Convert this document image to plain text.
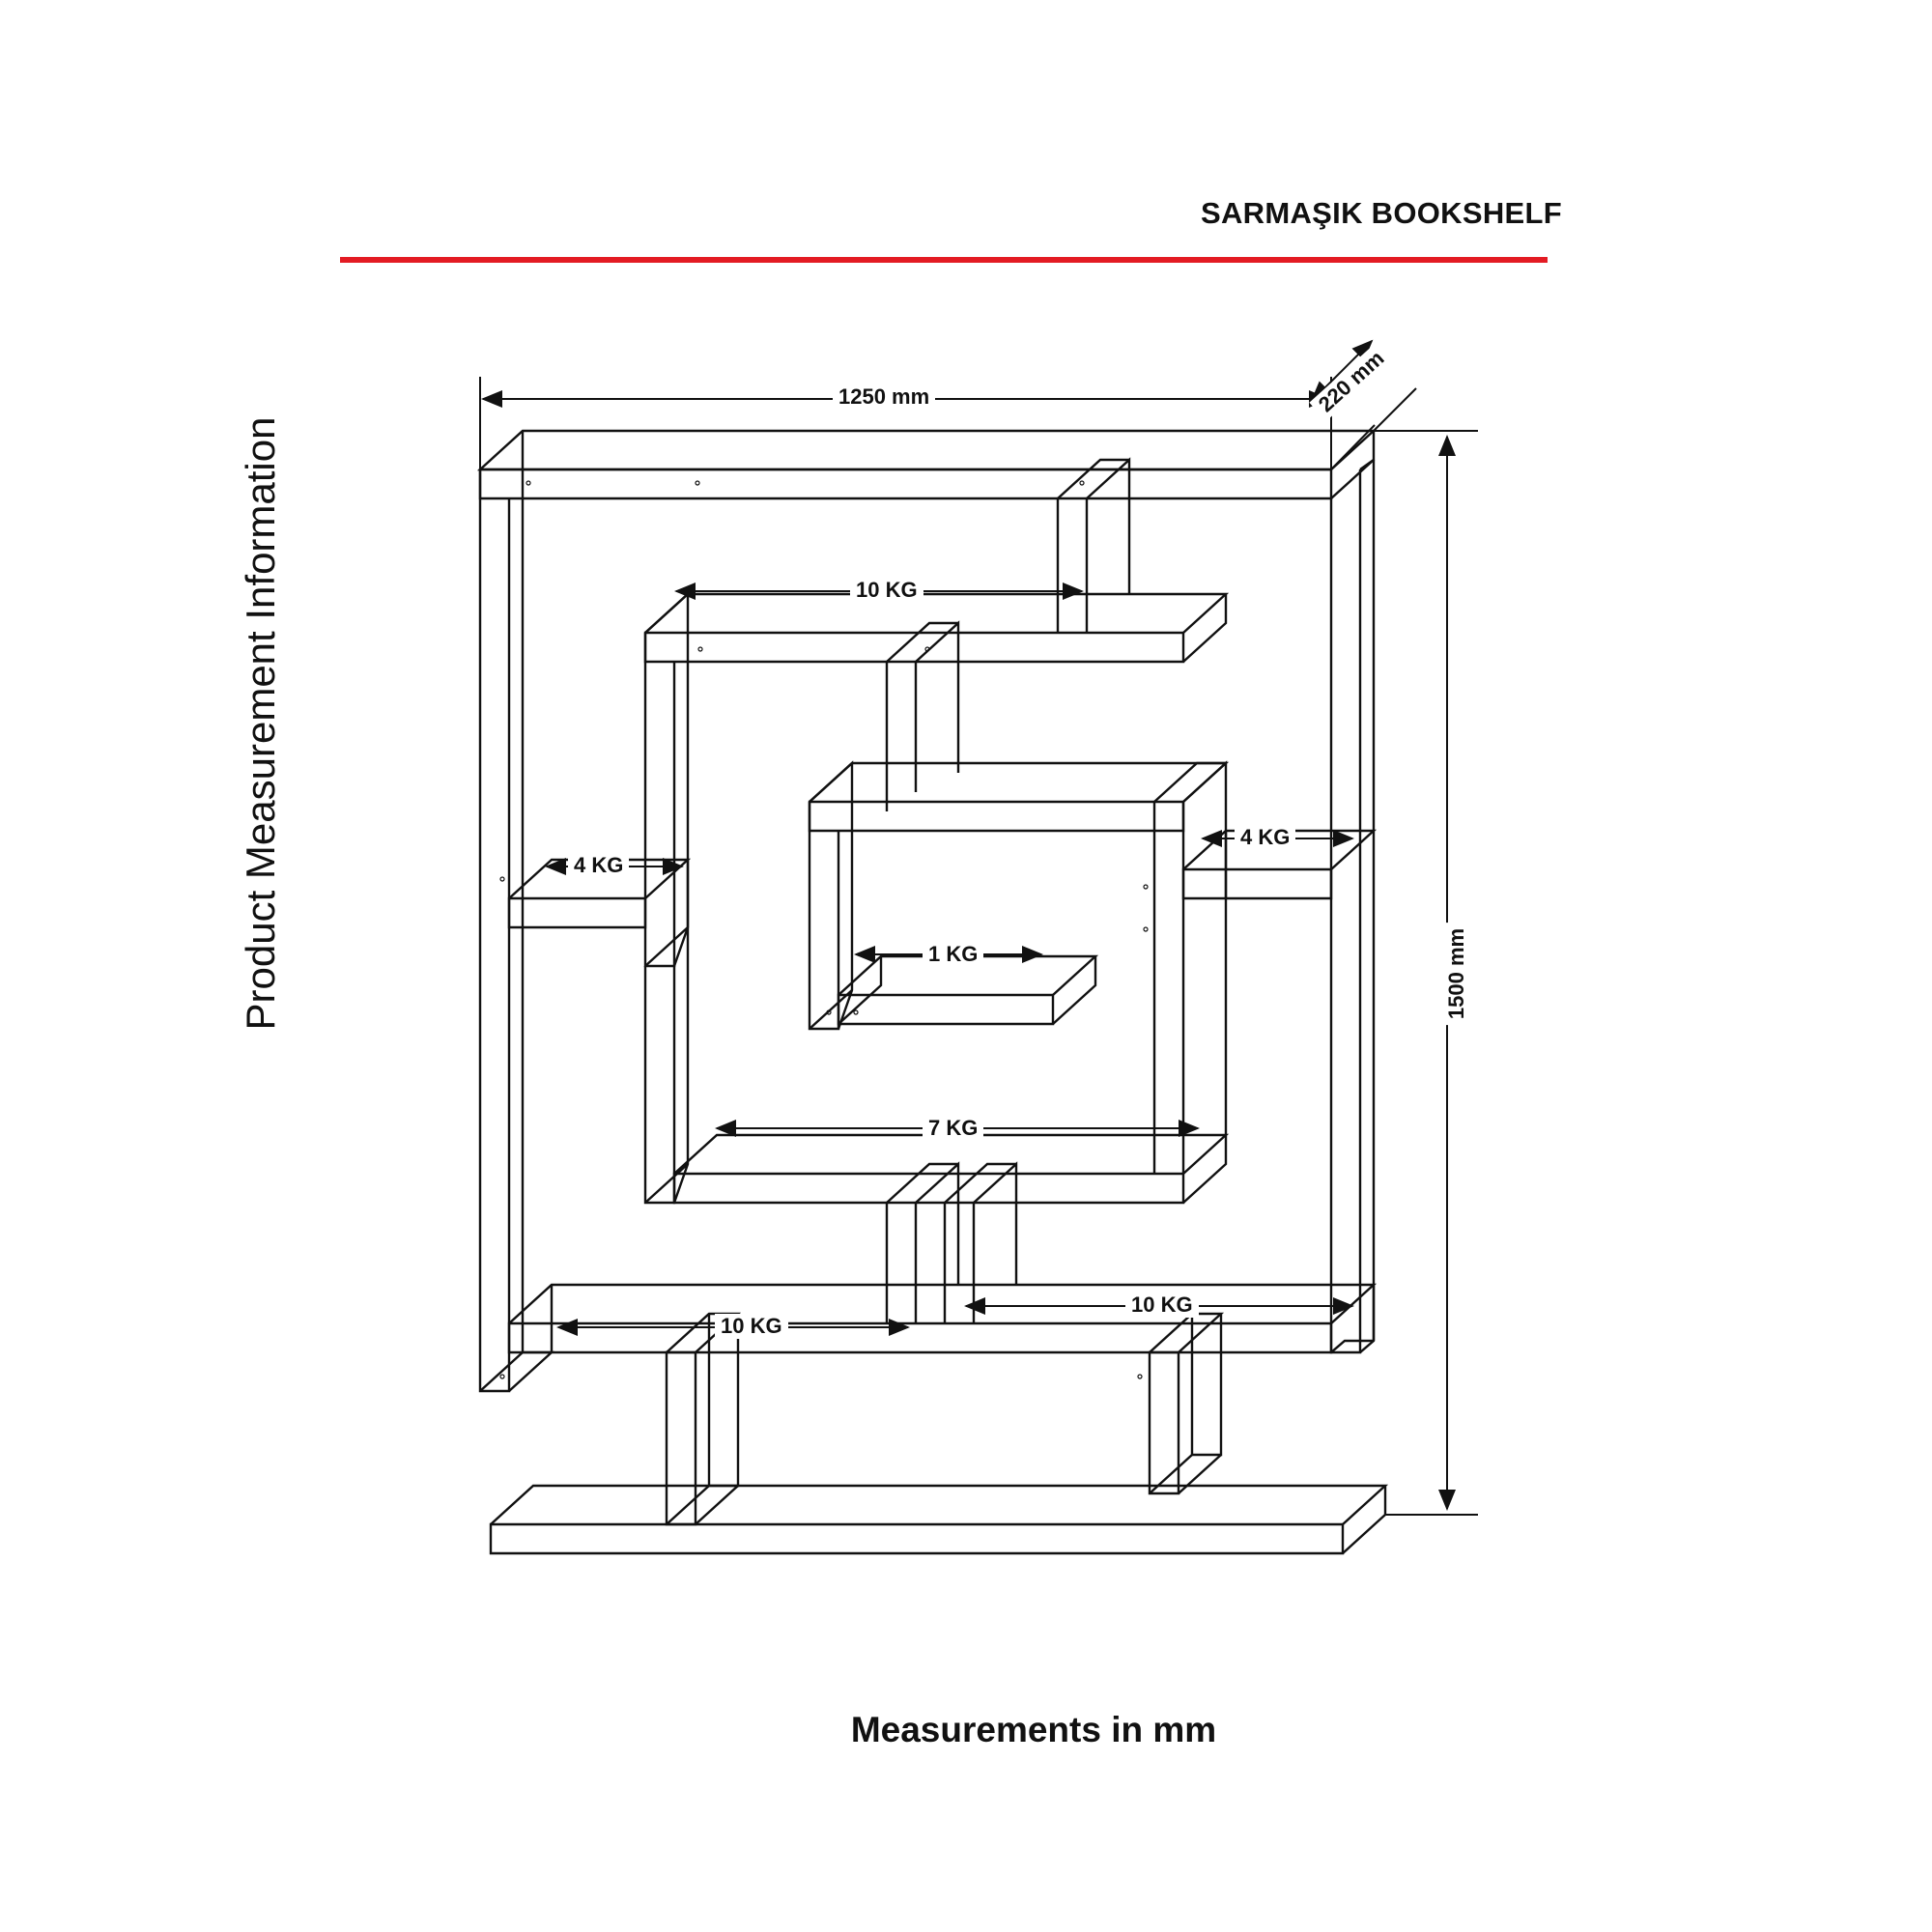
SARMAŞIK BOOKSHELF
Product Measurement Information
Measurements in mm
1250 mm	220 mm
1500 mm
10 KG
4 KG
4 KG
1 KG
7 KG
10 KG
10 KG
